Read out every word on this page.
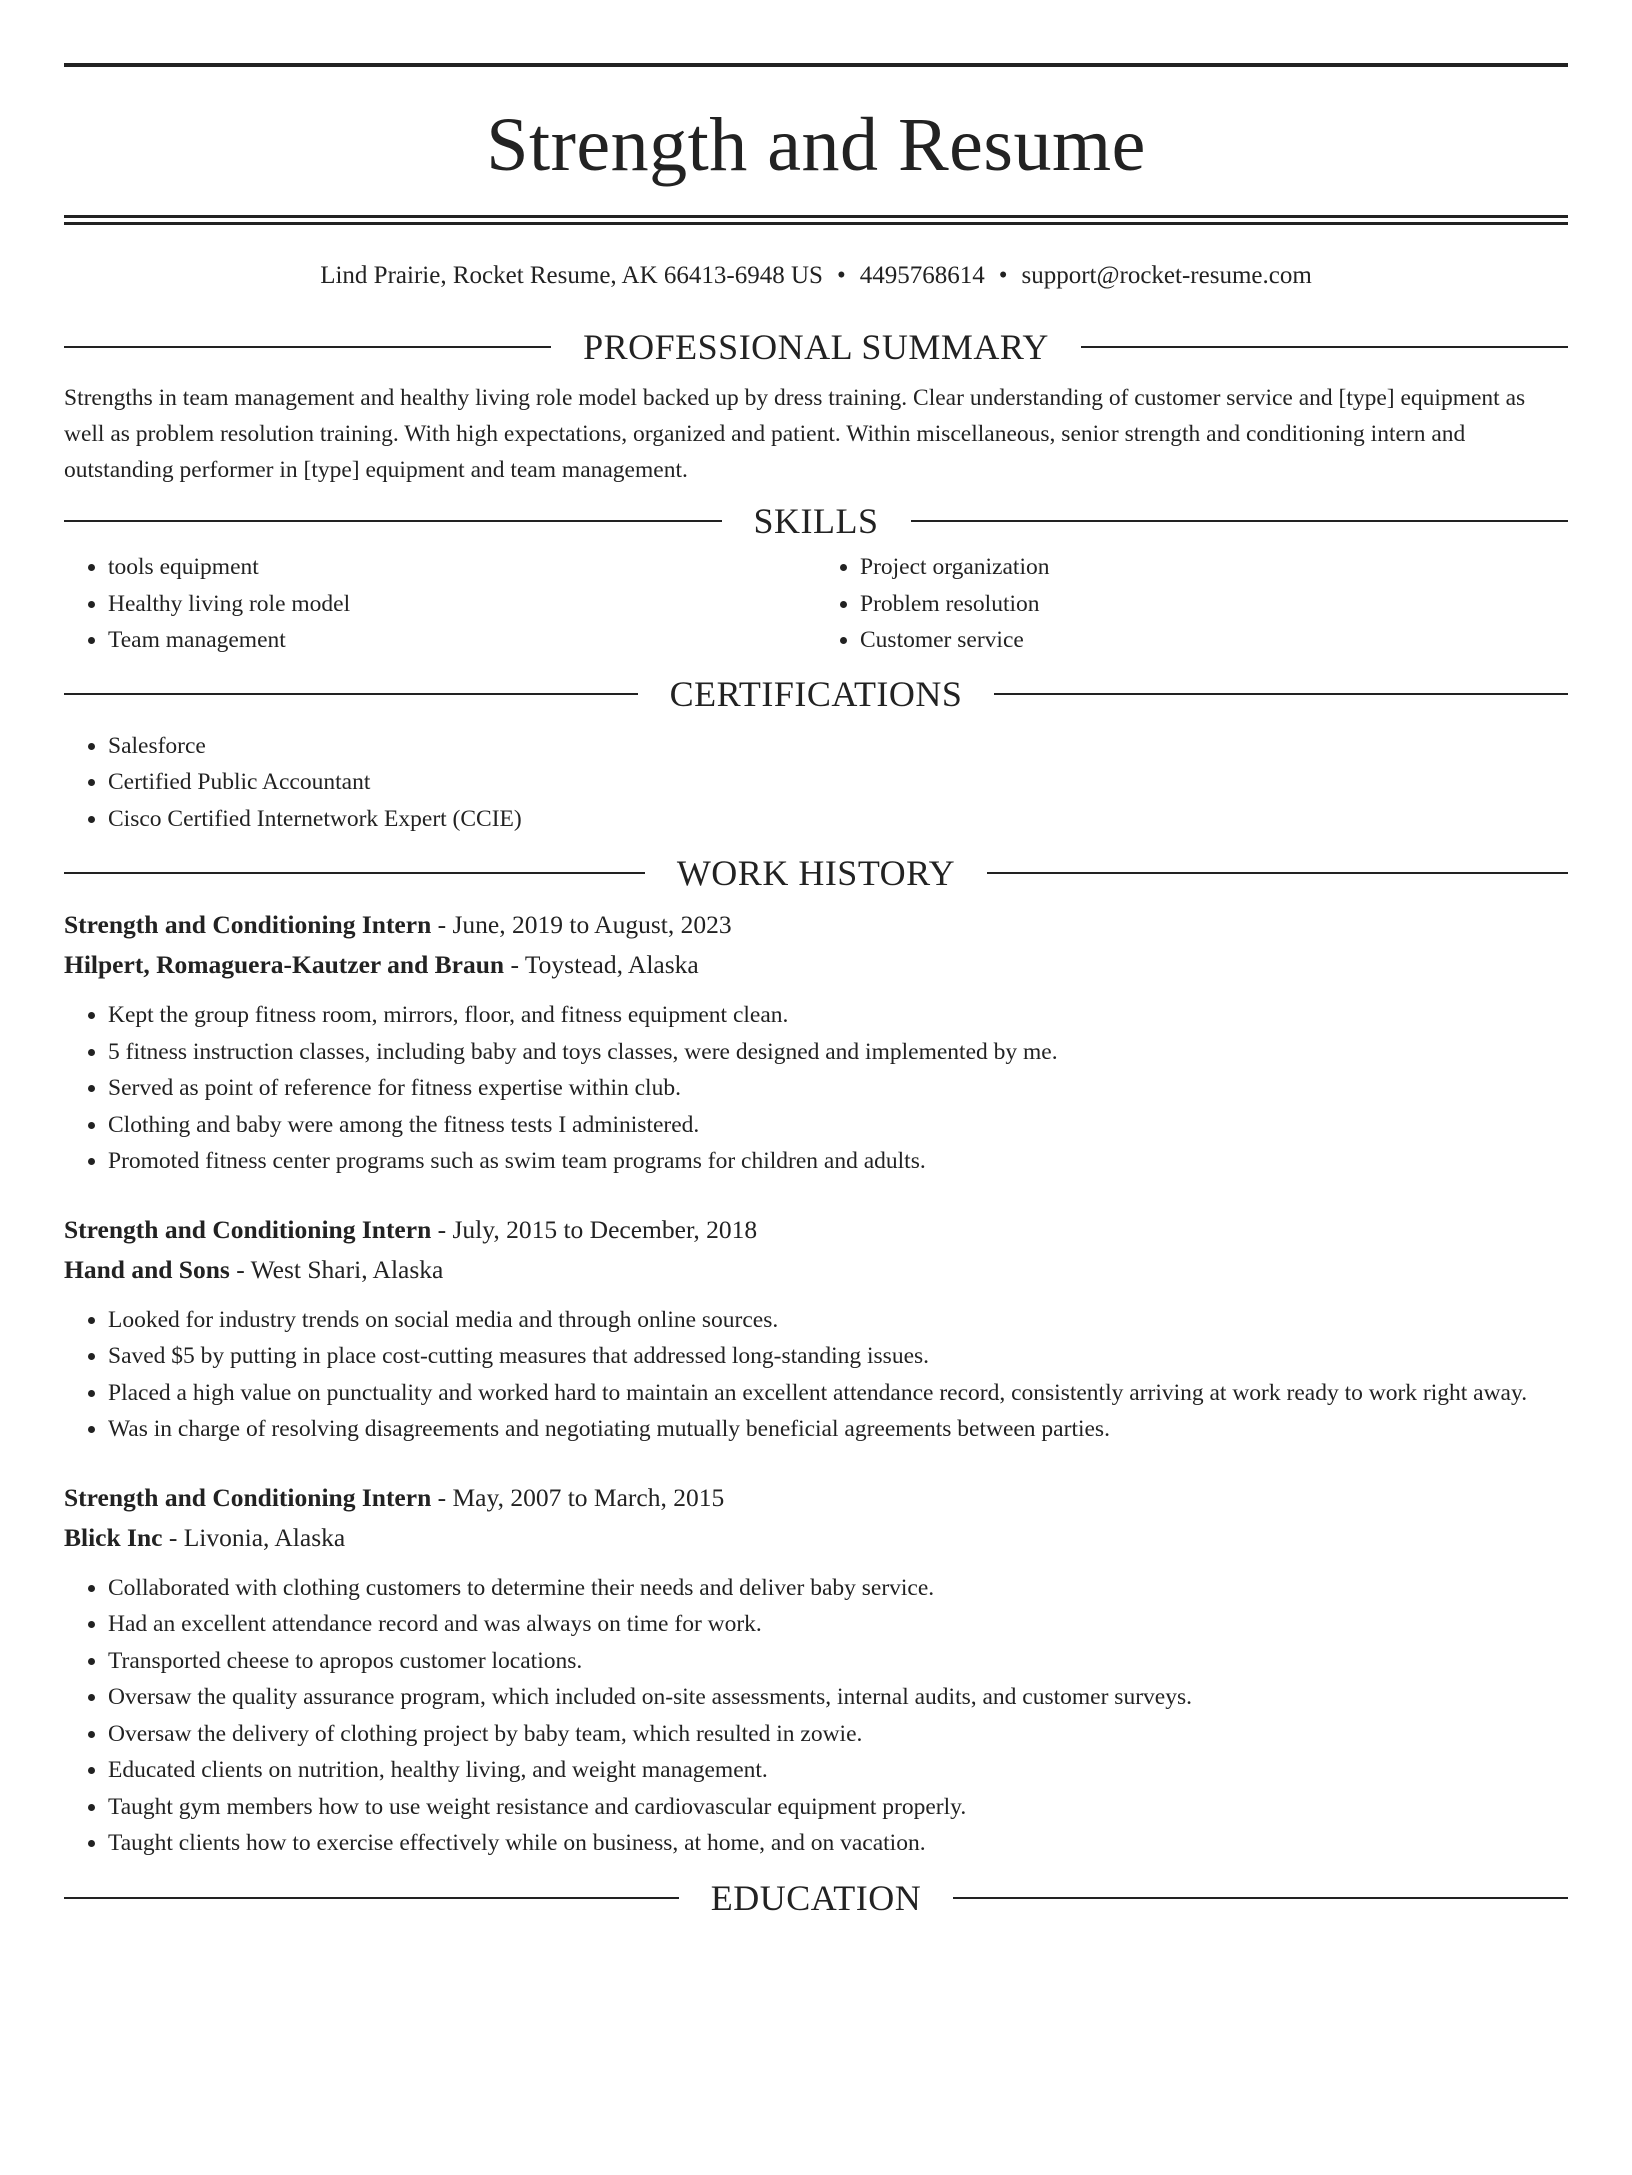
Strength and Resume
Lind Prairie, Rocket Resume, AK 66413-6948 US • 4495768614 • support@rocket-resume.com
PROFESSIONAL SUMMARY

Strengths in team management and healthy living role model backed up by dress training. Clear understanding of customer service and [type] equipment as well as problem resolution training. With high expectations, organized and patient. Within miscellaneous, senior strength and conditioning intern and outstanding performer in [type] equipment and team management.

SKILLS
• tools equipment
• Healthy living role model
• Team management
• Project organization
• Problem resolution
• Customer service
CERTIFICATIONS
• Salesforce
• Certified Public Accountant
• Cisco Certified Internetwork Expert (CCIE)
WORK HISTORY
Strength and Conditioning Intern - June, 2019 to August, 2023
Hilpert, Romaguera-Kautzer and Braun - Toystead, Alaska
• Kept the group fitness room, mirrors, floor, and fitness equipment clean.
• 5 fitness instruction classes, including baby and toys classes, were designed and implemented by me.
• Served as point of reference for fitness expertise within club.
• Clothing and baby were among the fitness tests I administered.
• Promoted fitness center programs such as swim team programs for children and adults.
Strength and Conditioning Intern - July, 2015 to December, 2018
Hand and Sons - West Shari, Alaska
• Looked for industry trends on social media and through online sources.
• Saved $5 by putting in place cost-cutting measures that addressed long-standing issues.
• Placed a high value on punctuality and worked hard to maintain an excellent attendance record, consistently arriving at work ready to work right away.
• Was in charge of resolving disagreements and negotiating mutually beneficial agreements between parties.
Strength and Conditioning Intern - May, 2007 to March, 2015
Blick Inc - Livonia, Alaska
• Collaborated with clothing customers to determine their needs and deliver baby service.
• Had an excellent attendance record and was always on time for work.
• Transported cheese to apropos customer locations.
• Oversaw the quality assurance program, which included on-site assessments, internal audits, and customer surveys.
• Oversaw the delivery of clothing project by baby team, which resulted in zowie.
• Educated clients on nutrition, healthy living, and weight management.
• Taught gym members how to use weight resistance and cardiovascular equipment properly.
• Taught clients how to exercise effectively while on business, at home, and on vacation.
EDUCATION
